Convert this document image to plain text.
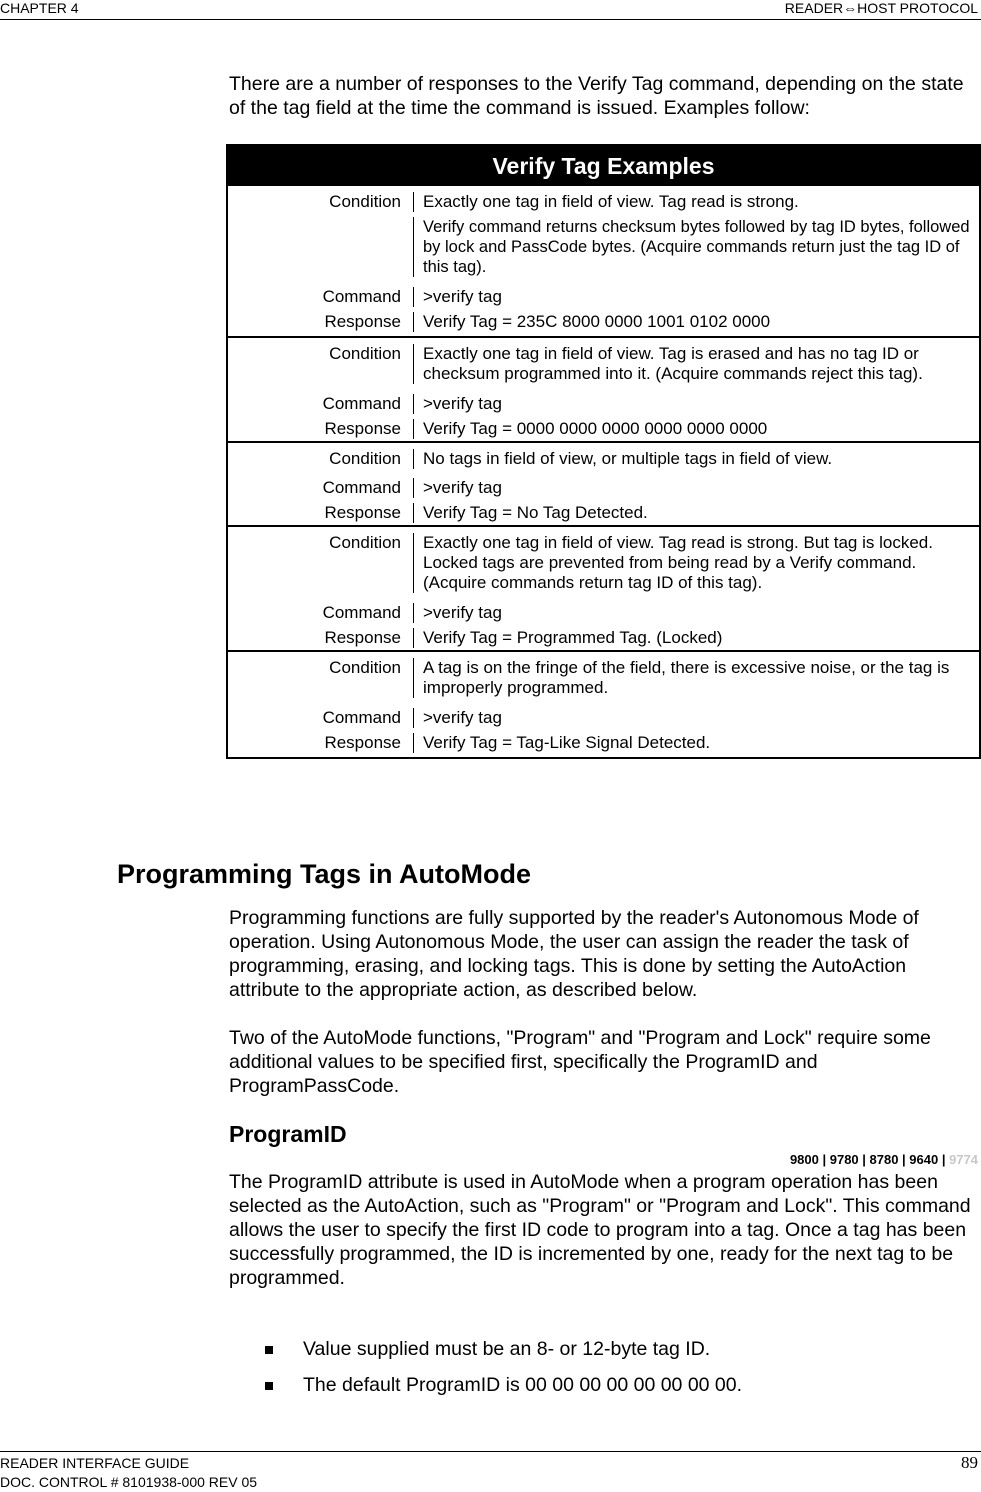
CHAPTER 4	READER⇔HOST PROTOCOL

There are a number of responses to the Verify Tag command, depending on the state of the tag field at the time the command is issued. Examples follow:

Verify Tag Examples
Condition	Exactly one tag in field of view. Tag read is strong.
Verify command returns checksum bytes followed by tag ID bytes, followed by lock and PassCode bytes. (Acquire commands return just the tag ID of this tag).
Command	>verify tag
Response	Verify Tag = 235C 8000 0000 1001 0102 0000
Condition	Exactly one tag in field of view. Tag is erased and has no tag ID or checksum programmed into it. (Acquire commands reject this tag).
Command	>verify tag
Response	Verify Tag = 0000 0000 0000 0000 0000 0000
Condition	No tags in field of view, or multiple tags in field of view.
Command	>verify tag
Response	Verify Tag = No Tag Detected.
Condition	Exactly one tag in field of view. Tag read is strong. But tag is locked. Locked tags are prevented from being read by a Verify command. (Acquire commands return tag ID of this tag).
Command	>verify tag
Response	Verify Tag = Programmed Tag. (Locked)
Condition	A tag is on the fringe of the field, there is excessive noise, or the tag is improperly programmed.
Command	>verify tag
Response	Verify Tag = Tag-Like Signal Detected.
Programming Tags in AutoMode

Programming functions are fully supported by the reader's Autonomous Mode of operation. Using Autonomous Mode, the user can assign the reader the task of programming, erasing, and locking tags. This is done by setting the AutoAction attribute to the appropriate action, as described below.

Two of the AutoMode functions, "Program" and "Program and Lock" require some additional values to be specified first, specifically the ProgramID and ProgramPassCode.

ProgramID
9800 | 9780 | 8780 | 9640 | 9774

The ProgramID attribute is used in AutoMode when a program operation has been selected as the AutoAction, such as "Program" or "Program and Lock". This command allows the user to specify the first ID code to program into a tag. Once a tag has been successfully programmed, the ID is incremented by one, ready for the next tag to be programmed.

Value supplied must be an 8- or 12-byte tag ID.
The default ProgramID is 00 00 00 00 00 00 00 00.
READER INTERFACE GUIDE
DOC. CONTROL # 8101938-000 REV 05
89
